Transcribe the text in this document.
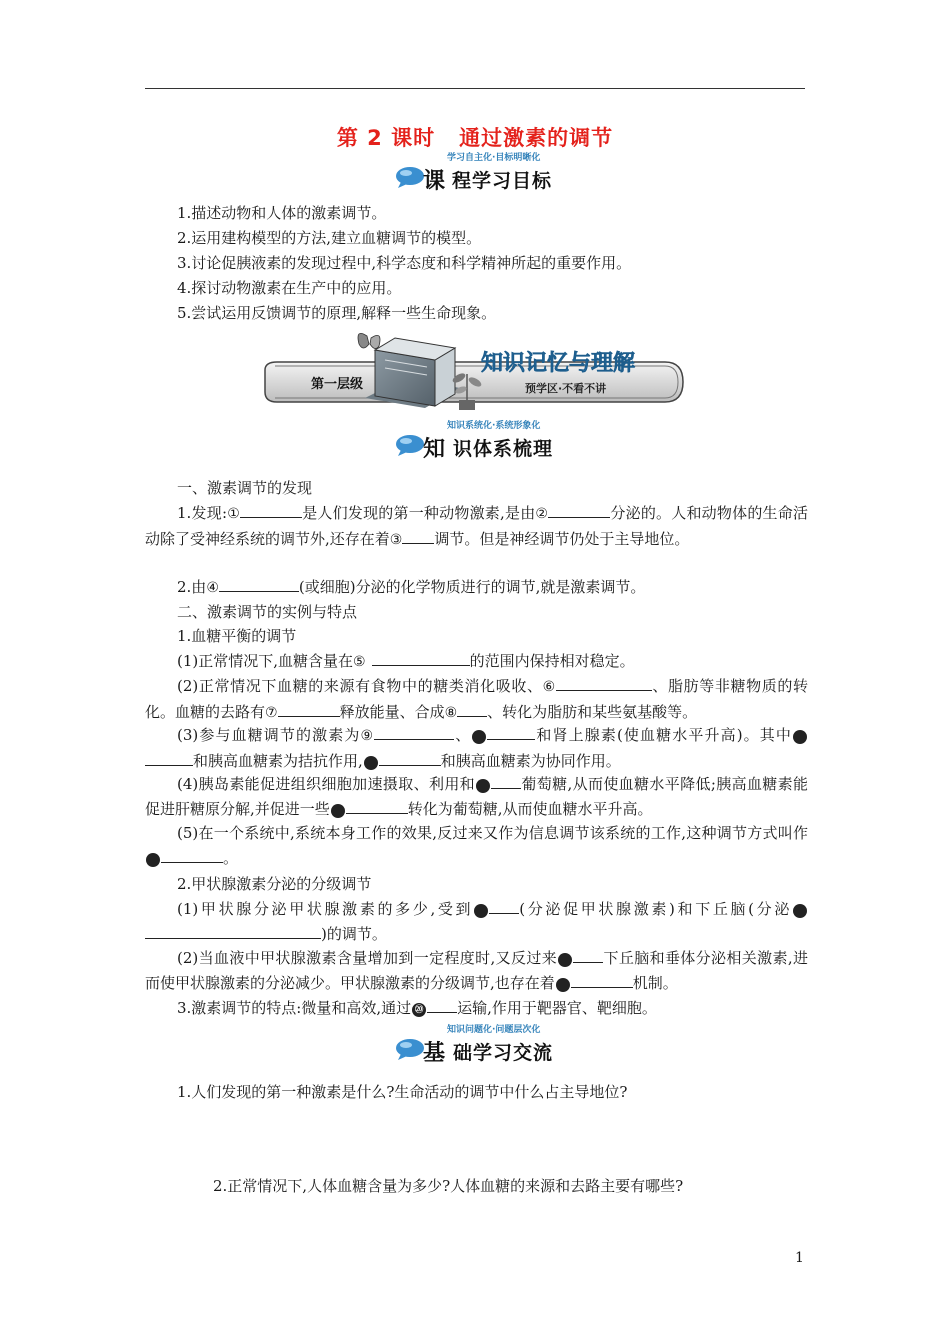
第 2 课时 通过激素的调节
课 程学习目标
学习自主化·目标明晰化
1.描述动物和人体的激素调节。
2.运用建构模型的方法,建立血糖调节的模型。
3.讨论促胰液素的发现过程中,科学态度和科学精神所起的重要作用。
4.探讨动物激素在生产中的应用。
5.尝试运用反馈调节的原理,解释一些生命现象。
第一层级
知识记忆与理解
预学区·不看不讲
知 识体系梳理
知识系统化·系统形象化
一、激素调节的发现
1.发现:①	是人们发现的第一种动物激素,是由②	分泌的。人和动物体的生命活动除了受神经系统的调节外,还存在着③ 调节。但是神经调节仍处于主导地位。
2.由④	(或细胞)分泌的化学物质进行的调节,就是激素调节。
二、激素调节的实例与特点
1.血糖平衡的调节
(1)正常情况下,血糖含量在⑤	的范围内保持相对稳定。
(2)正常情况下血糖的来源有食物中的糖类消化吸收、⑥	、脂肪等非糖物质的转化。血糖的去路有⑦	释放能量、合成⑧ 、转化为脂肪和某些氨基酸等。
(3)参与血糖调节的激素为⑨	、	⑩ 和肾上腺素(使血糖水平升高)。其中	⑪和胰高血糖素为拮抗作用,	⑫ 和胰高血糖素为协同作用。
(4)胰岛素能促进组织细胞加速摄取、利用和	⑬ 葡萄糖,从而使血糖水平降低;胰高血糖素能促进肝糖原分解,并促进一些	⑭ 转化为葡萄糖,从而使血糖水平升高。
(5)在一个系统中,系统本身工作的效果,反过来又作为信息调节该系统的工作,这种调节方式叫作⑮ 。
2.甲状腺激素分泌的分级调节
(1)甲状腺分泌甲状腺激素的多少,受到	⑯ (分泌促甲状腺激素)和下丘脑(分泌	⑰)的调节。
(2)当血液中甲状腺激素含量增加到一定程度时,又反过来	⑱ 下丘脑和垂体分泌相关激素,进而使甲状腺激素的分泌减少。甲状腺激素的分级调节,也存在着	⑲ 机制。
3.激素调节的特点:微量和高效,通过 ⑳ 运输,作用于靶器官、靶细胞。
基 础学习交流
知识问题化·问题层次化
1.人们发现的第一种激素是什么?生命活动的调节中什么占主导地位?
2.正常情况下,人体血糖含量为多少?人体血糖的来源和去路主要有哪些?
1
